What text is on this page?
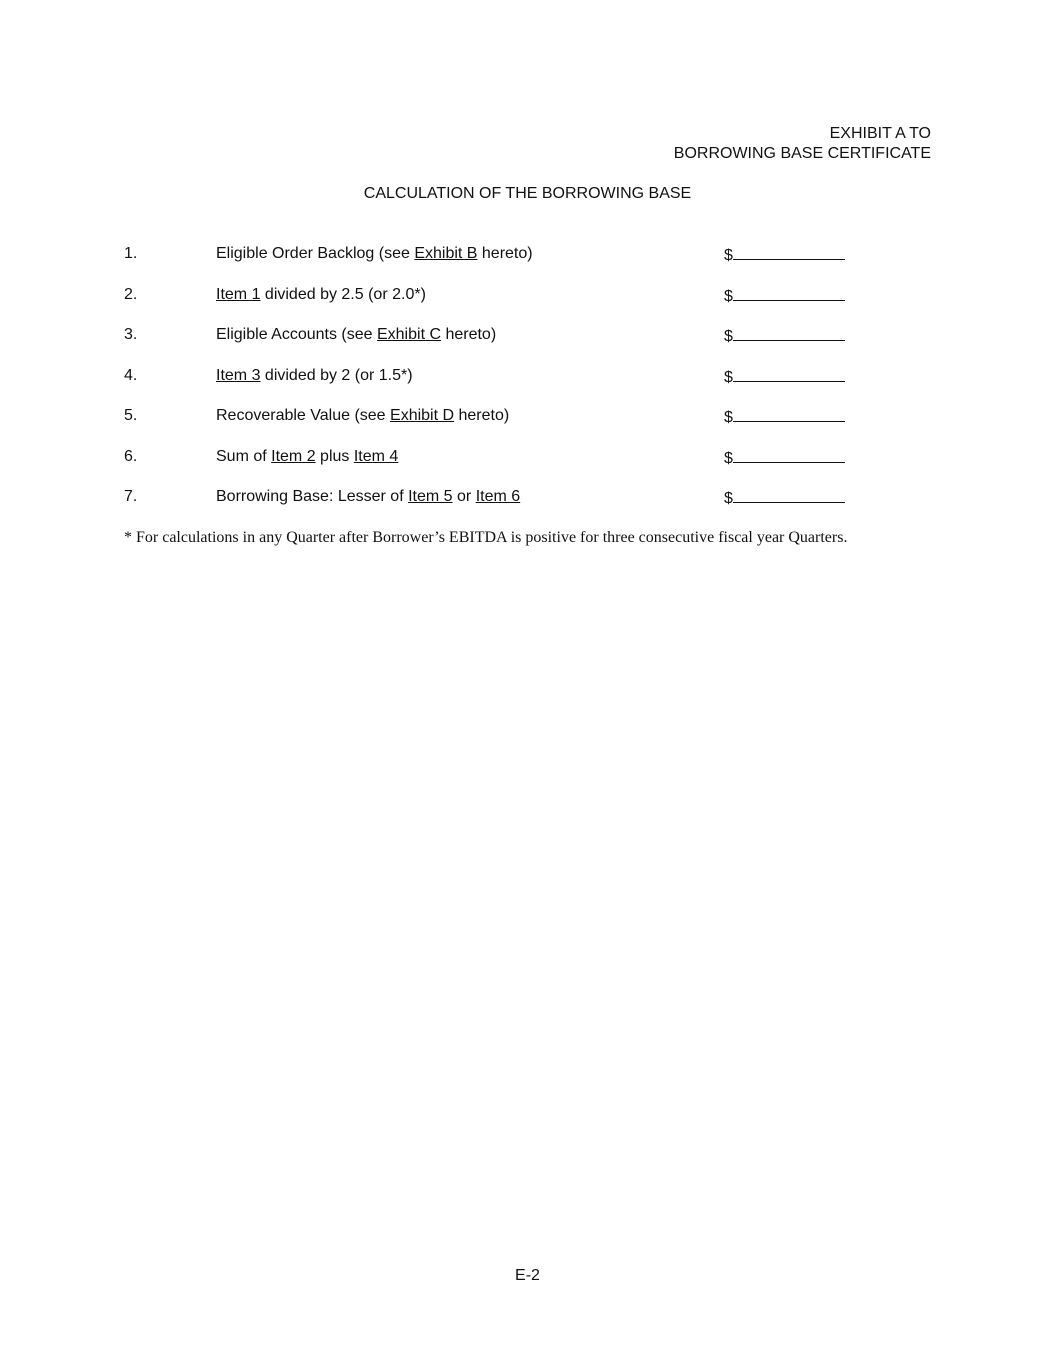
EXHIBIT A TO
BORROWING BASE CERTIFICATE
CALCULATION OF THE BORROWING BASE
1.	Eligible Order Backlog (see Exhibit B hereto)	$
2.	Item 1 divided by 2.5 (or 2.0*)	$
3.	Eligible Accounts (see Exhibit C hereto)	$
4.	Item 3 divided by 2 (or 1.5*)	$
5.	Recoverable Value (see Exhibit D hereto)	$
6.	Sum of Item 2 plus Item 4	$
7.	Borrowing Base: Lesser of Item 5 or Item 6	$
* For calculations in any Quarter after Borrower’s EBITDA is positive for three consecutive fiscal year Quarters.
E-2
